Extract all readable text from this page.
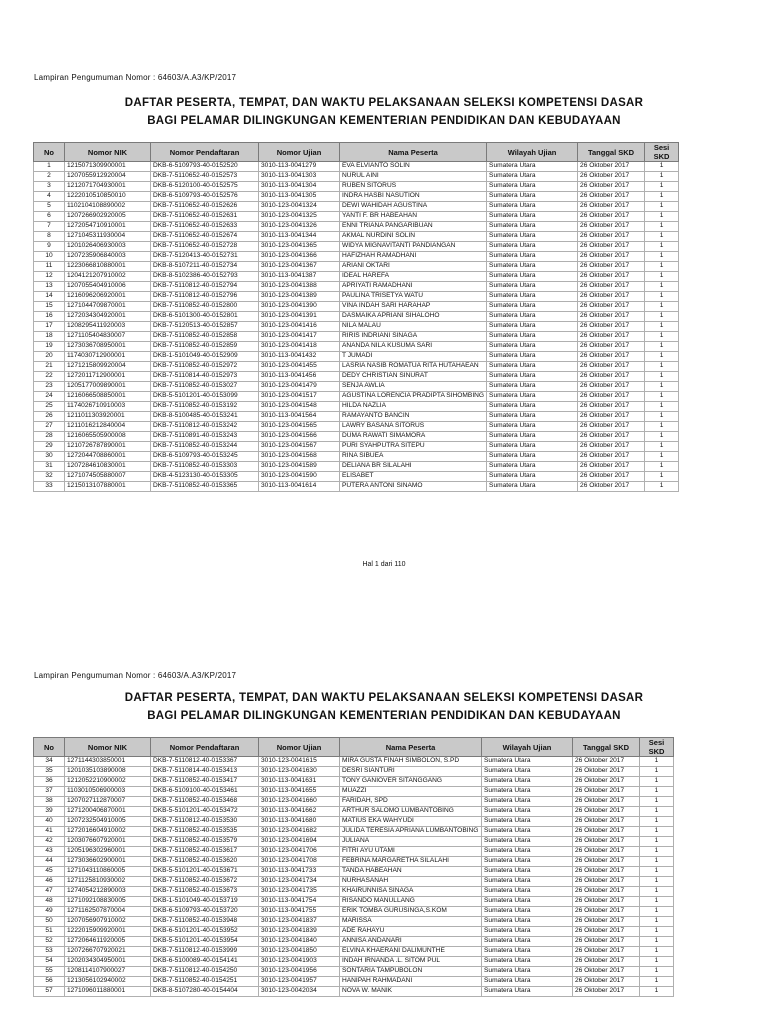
Lampiran Pengumuman Nomor : 64603/A.A3/KP/2017
DAFTAR PESERTA, TEMPAT, DAN WAKTU PELAKSANAAN SELEKSI KOMPETENSI DASAR
BAGI PELAMAR DILINGKUNGAN KEMENTERIAN PENDIDIKAN DAN KEBUDAYAAN
No	Nomor NIK	Nomor Pendaftaran	Nomor Ujian	Nama Peserta	Wilayah Ujian	Tanggal SKD	Sesi SKD
1	1215071309900001	DKB-6-5109793-40-0152520	3010-113-0041279	EVA ELVIANTO SOLIN	Sumatera Utara	26 Oktober 2017	1
2	1207055912920004	DKB-7-5110652-40-0152573	3010-113-0041303	NURUL AINI	Sumatera Utara	26 Oktober 2017	1
3	1212071704930001	DKB-6-5120100-40-0152575	3010-113-0041304	RUBEN SITORUS	Sumatera Utara	26 Oktober 2017	1
4	1222010510850010	DKB-6-5109793-40-0152576	3010-113-0041305	INDRA HASBI NASUTION	Sumatera Utara	26 Oktober 2017	1
5	1102104108890002	DKB-7-5110652-40-0152626	3010-123-0041324	DEWI WAHIDAH AGUSTINA	Sumatera Utara	26 Oktober 2017	1
6	1207266902920005	DKB-7-5110652-40-0152631	3010-123-0041325	YANTI F. BR HABEAHAN	Sumatera Utara	26 Oktober 2017	1
7	1272054710910001	DKB-7-5110652-40-0152633	3010-123-0041326	ENNI TRIANA PANGARIBUAN	Sumatera Utara	26 Oktober 2017	1
8	1271045311930004	DKB-7-5110652-40-0152674	3010-113-0041344	AKMAL NURDINI SOLIN	Sumatera Utara	26 Oktober 2017	1
9	1201026406930003	DKB-7-5110652-40-0152728	3010-123-0041365	WIDYA MIGNAVITANTI PANDIANGAN	Sumatera Utara	26 Oktober 2017	1
10	1207235906840003	DKB-7-5120413-40-0152731	3010-123-0041366	HAFIZHAH RAMADHANI	Sumatera Utara	26 Oktober 2017	1
11	1223066810880001	DKB-8-5107211-40-0152734	3010-123-0041367	ARIANI OKTARI	Sumatera Utara	26 Oktober 2017	1
12	1204121207910002	DKB-8-5102386-40-0152793	3010-113-0041387	IDEAL HAREFA	Sumatera Utara	26 Oktober 2017	1
13	1207055404910006	DKB-7-5110812-40-0152794	3010-123-0041388	APRIYATI RAMADHANI	Sumatera Utara	26 Oktober 2017	1
14	1216096206920001	DKB-7-5110812-40-0152796	3010-123-0041389	PAULINA TRISETYA WATU	Sumatera Utara	26 Oktober 2017	1
15	1271044709870001	DKB-7-5110852-40-0152800	3010-123-0041390	VINA INDAH SARI HARAHAP	Sumatera Utara	26 Oktober 2017	1
16	1272034304920001	DKB-6-5101300-40-0152801	3010-123-0041391	DASMAIKA APRIANI SIHALOHO	Sumatera Utara	26 Oktober 2017	1
17	1208295411920003	DKB-7-5120513-40-0152857	3010-123-0041416	NILA MALAU	Sumatera Utara	26 Oktober 2017	1
18	1271105404830007	DKB-7-5110852-40-0152858	3010-123-0041417	RIRIS INDRIANI SINAGA	Sumatera Utara	26 Oktober 2017	1
19	1273036708950001	DKB-7-5110852-40-0152859	3010-123-0041418	ANANDA NILA KUSUMA SARI	Sumatera Utara	26 Oktober 2017	1
20	1174030712900001	DKB-1-5101049-40-0152909	3010-113-0041432	T JUMADI	Sumatera Utara	26 Oktober 2017	1
21	1271215809920004	DKB-7-5110852-40-0152972	3010-123-0041455	LASRIA NASIB ROMATUA RITA HUTAHAEAN	Sumatera Utara	26 Oktober 2017	1
22	1272011712900001	DKB-7-5110814-40-0152973	3010-113-0041456	DEDY CHRISTIAN SINURAT	Sumatera Utara	26 Oktober 2017	1
23	1205177009890001	DKB-7-5110852-40-0153027	3010-123-0041479	SENJA AWLIA	Sumatera Utara	26 Oktober 2017	1
24	1216066508850001	DKB-5-5101201-40-0153099	3010-123-0041517	AGUSTINA LORENCIA PRADIPTA SIHOMBING	Sumatera Utara	26 Oktober 2017	1
25	1174026710910003	DKB-7-5110852-40-0153192	3010-123-0041548	HILDA NAZLIA	Sumatera Utara	26 Oktober 2017	1
26	1211011303920001	DKB-8-5100485-40-0153241	3010-113-0041564	RAMAYANTO BANCIN	Sumatera Utara	26 Oktober 2017	1
27	1211016212840004	DKB-7-5110812-40-0153242	3010-123-0041565	LAWRY BASANA SITORUS	Sumatera Utara	26 Oktober 2017	1
28	1216065505900008	DKB-7-5110891-40-0153243	3010-123-0041566	DUMA RAWATI SIMAMORA	Sumatera Utara	26 Oktober 2017	1
29	1210726787890001	DKB-7-5110852-40-0153244	3010-123-0041567	PURI SYAHPUTRA SITEPU	Sumatera Utara	26 Oktober 2017	1
30	1272044708860001	DKB-6-5109793-40-0153245	3010-123-0041568	RINA SIBUEA	Sumatera Utara	26 Oktober 2017	1
31	1207284610830001	DKB-7-5110852-40-0153303	3010-123-0041589	DELIANA BR SILALAHI	Sumatera Utara	26 Oktober 2017	1
32	1271074505880007	DKB-4-5123130-40-0153305	3010-123-0041590	ELISABET	Sumatera Utara	26 Oktober 2017	1
33	1215013107880001	DKB-7-5110852-40-0153365	3010-113-0041614	PUTERA ANTONI SINAMO	Sumatera Utara	26 Oktober 2017	1
Hal 1 dari 110
Lampiran Pengumuman Nomor : 64603/A.A3/KP/2017
DAFTAR PESERTA, TEMPAT, DAN WAKTU PELAKSANAAN SELEKSI KOMPETENSI DASAR
BAGI PELAMAR DILINGKUNGAN KEMENTERIAN PENDIDIKAN DAN KEBUDAYAAN
No	Nomor NIK	Nomor Pendaftaran	Nomor Ujian	Nama Peserta	Wilayah Ujian	Tanggal SKD	Sesi SKD
34	1271144303850001	DKB-7-5110812-40-0153367	3010-123-0041615	MIRA GUSTA FINAH SIMBOLON, S.PD	Sumatera Utara	26 Oktober 2017	1
35	1201035103890008	DKB-7-5110814-40-0153413	3010-123-0041630	DESRI SIANTURI	Sumatera Utara	26 Oktober 2017	1
36	1212052210900002	DKB-7-5110852-40-0153417	3010-113-0041631	TONY GANIOVER SITANGGANG	Sumatera Utara	26 Oktober 2017	1
37	1103010506900003	DKB-6-5109100-40-0153461	3010-113-0041655	MUAZZI	Sumatera Utara	26 Oktober 2017	1
38	1207027112870007	DKB-7-5110852-40-0153468	3010-123-0041660	FARIDAH, SPD	Sumatera Utara	26 Oktober 2017	1
39	1271200406870001	DKB-5-5101201-40-0153472	3010-113-0041662	ARTHUR SALOMO LUMBANTOBING	Sumatera Utara	26 Oktober 2017	1
40	1207232504910005	DKB-7-5110812-40-0153530	3010-113-0041680	MATIUS EKA WAHYUDI	Sumatera Utara	26 Oktober 2017	1
41	1272016604910002	DKB-7-5110852-40-0153535	3010-123-0041682	JULIDA TERESIA APRIANA LUMBANTOBING	Sumatera Utara	26 Oktober 2017	1
42	1203076607920001	DKB-7-5110852-40-0153579	3010-123-0041694	JULIANA	Sumatera Utara	26 Oktober 2017	1
43	1205196302960001	DKB-7-5110852-40-0153617	3010-123-0041706	FITRI AYU UTAMI	Sumatera Utara	26 Oktober 2017	1
44	1273036602900001	DKB-7-5110852-40-0153620	3010-123-0041708	FEBRINA MARGARETHA SILALAHI	Sumatera Utara	26 Oktober 2017	1
45	1271043110860005	DKB-5-5101201-40-0153671	3010-113-0041733	TANDA HABEAHAN	Sumatera Utara	26 Oktober 2017	1
46	1271125810930002	DKB-7-5110852-40-0153672	3010-123-0041734	NURHASANAH	Sumatera Utara	26 Oktober 2017	1
47	1274054212890003	DKB-7-5110852-40-0153673	3010-123-0041735	KHAIRUNNISA SINAGA	Sumatera Utara	26 Oktober 2017	1
48	1271092108830005	DKB-1-5101049-40-0153719	3010-113-0041754	RISANDO MANULLANG	Sumatera Utara	26 Oktober 2017	1
49	1271162507870004	DKB-6-5109793-40-0153720	3010-113-0041755	ERIK TOMBA GURUSINGA,S.KOM	Sumatera Utara	26 Oktober 2017	1
50	1207056907910002	DKB-7-5110852-40-0153948	3010-123-0041837	MARISSA	Sumatera Utara	26 Oktober 2017	1
51	1222015909920001	DKB-6-5101201-40-0153952	3010-123-0041839	ADE RAHAYU	Sumatera Utara	26 Oktober 2017	1
52	1272064611920005	DKB-5-5101201-40-0153954	3010-123-0041840	ANNISA ANDANARI	Sumatera Utara	26 Oktober 2017	1
53	1207266707920021	DKB-7-5110812-40-0153999	3010-123-0041850	ELVINA KHAERANI DALIMUNTHE	Sumatera Utara	26 Oktober 2017	1
54	1202034304950001	DKB-6-5100089-40-0154141	3010-123-0041903	INDAH IRNANDA .L. SITOM PUL	Sumatera Utara	26 Oktober 2017	1
55	1208114107900027	DKB-7-5110812-40-0154250	3010-123-0041956	SONTARIA TAMPUBOLON	Sumatera Utara	26 Oktober 2017	1
56	1213056102940002	DKB-7-5110852-40-0154251	3010-123-0041957	HANIPAH RAHMADANI	Sumatera Utara	26 Oktober 2017	1
57	1271096011880001	DKB-8-5107280-40-0154404	3010-123-0042034	NOVA W. MANIK	Sumatera Utara	26 Oktober 2017	1
